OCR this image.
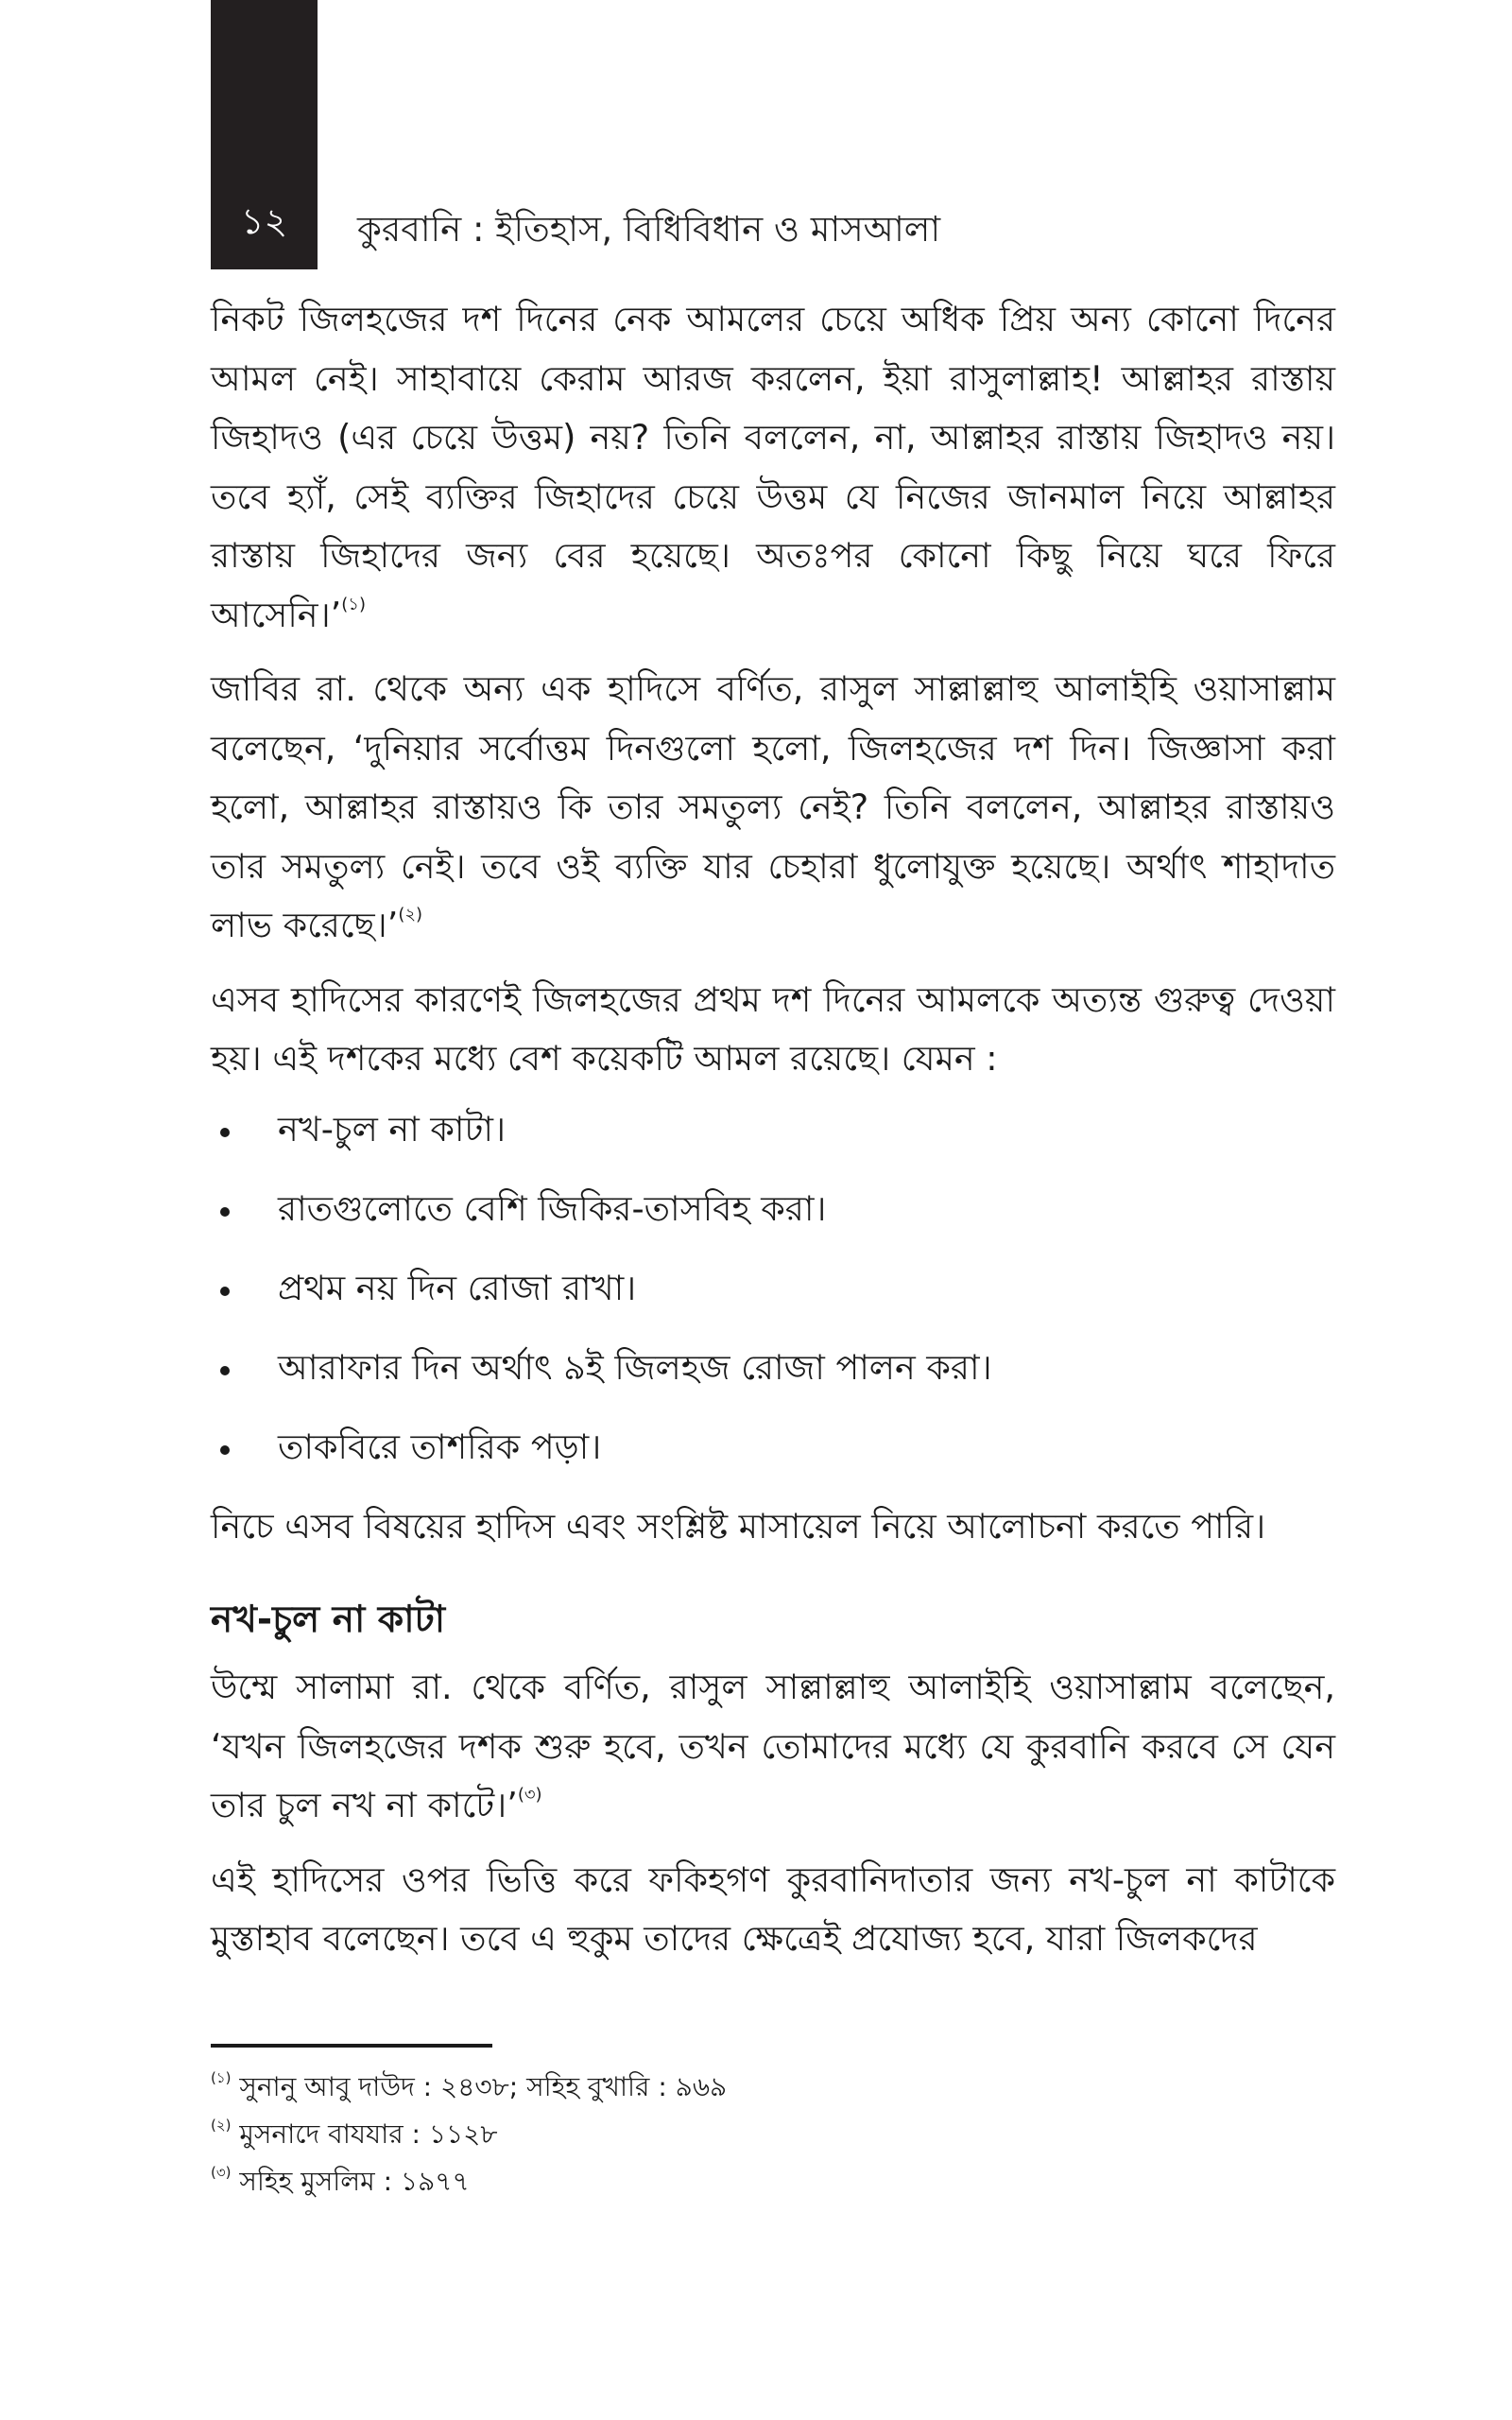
১২	কুরবানি : ইতিহাস, বিধিবিধান ও মাসআলা

নিকট জিলহজের দশ দিনের নেক আমলের চেয়ে অধিক প্রিয় অন্য কোনো দিনের আমল নেই। সাহাবায়ে কেরাম আরজ করলেন, ইয়া রাসুলাল্লাহ! আল্লাহর রাস্তায় জিহাদও (এর চেয়ে উত্তম) নয়? তিনি বললেন, না, আল্লাহর রাস্তায় জিহাদও নয়। তবে হ্যাঁ, সেই ব্যক্তির জিহাদের চেয়ে উত্তম যে নিজের জানমাল নিয়ে আল্লাহর রাস্তায় জিহাদের জন্য বের হয়েছে। অতঃপর কোনো কিছু নিয়ে ঘরে ফিরে আসেনি।’$^{(১)}$

জাবির রা. থেকে অন্য এক হাদিসে বর্ণিত, রাসুল সাল্লাল্লাহু আলাইহি ওয়াসাল্লাম বলেছেন, ‘দুনিয়ার সর্বোত্তম দিনগুলো হলো, জিলহজের দশ দিন। জিজ্ঞাসা করা হলো, আল্লাহর রাস্তায়ও কি তার সমতুল্য নেই? তিনি বললেন, আল্লাহর রাস্তায়ও তার সমতুল্য নেই। তবে ওই ব্যক্তি যার চেহারা ধুলোযুক্ত হয়েছে। অর্থাৎ শাহাদাত লাভ করেছে।’$^{(২)}$

এসব হাদিসের কারণেই জিলহজের প্রথম দশ দিনের আমলকে অত্যন্ত গুরুত্ব দেওয়া হয়। এই দশকের মধ্যে বেশ কয়েকটি আমল রয়েছে। যেমন :

নখ-চুল না কাটা।
রাতগুলোতে বেশি জিকির-তাসবিহ করা।
প্রথম নয় দিন রোজা রাখা।
আরাফার দিন অর্থাৎ ৯ই জিলহজ রোজা পালন করা।
তাকবিরে তাশরিক পড়া।

নিচে এসব বিষয়ের হাদিস এবং সংশ্লিষ্ট মাসায়েল নিয়ে আলোচনা করতে পারি।

নখ-চুল না কাটা

উম্মে সালামা রা. থেকে বর্ণিত, রাসুল সাল্লাল্লাহু আলাইহি ওয়াসাল্লাম বলেছেন, ‘যখন জিলহজের দশক শুরু হবে, তখন তোমাদের মধ্যে যে কুরবানি করবে সে যেন তার চুল নখ না কাটে।’$^{(৩)}$

এই হাদিসের ওপর ভিত্তি করে ফকিহগণ কুরবানিদাতার জন্য নখ-চুল না কাটাকে মুস্তাহাব বলেছেন। তবে এ হুকুম তাদের ক্ষেত্রেই প্রযোজ্য হবে, যারা জিলকদের

$^{(১)}$ সুনানু আবু দাউদ : ২৪৩৮; সহিহ বুখারি : ৯৬৯
$^{(২)}$ মুসনাদে বাযযার : ১১২৮
$^{(৩)}$ সহিহ মুসলিম : ১৯৭৭
